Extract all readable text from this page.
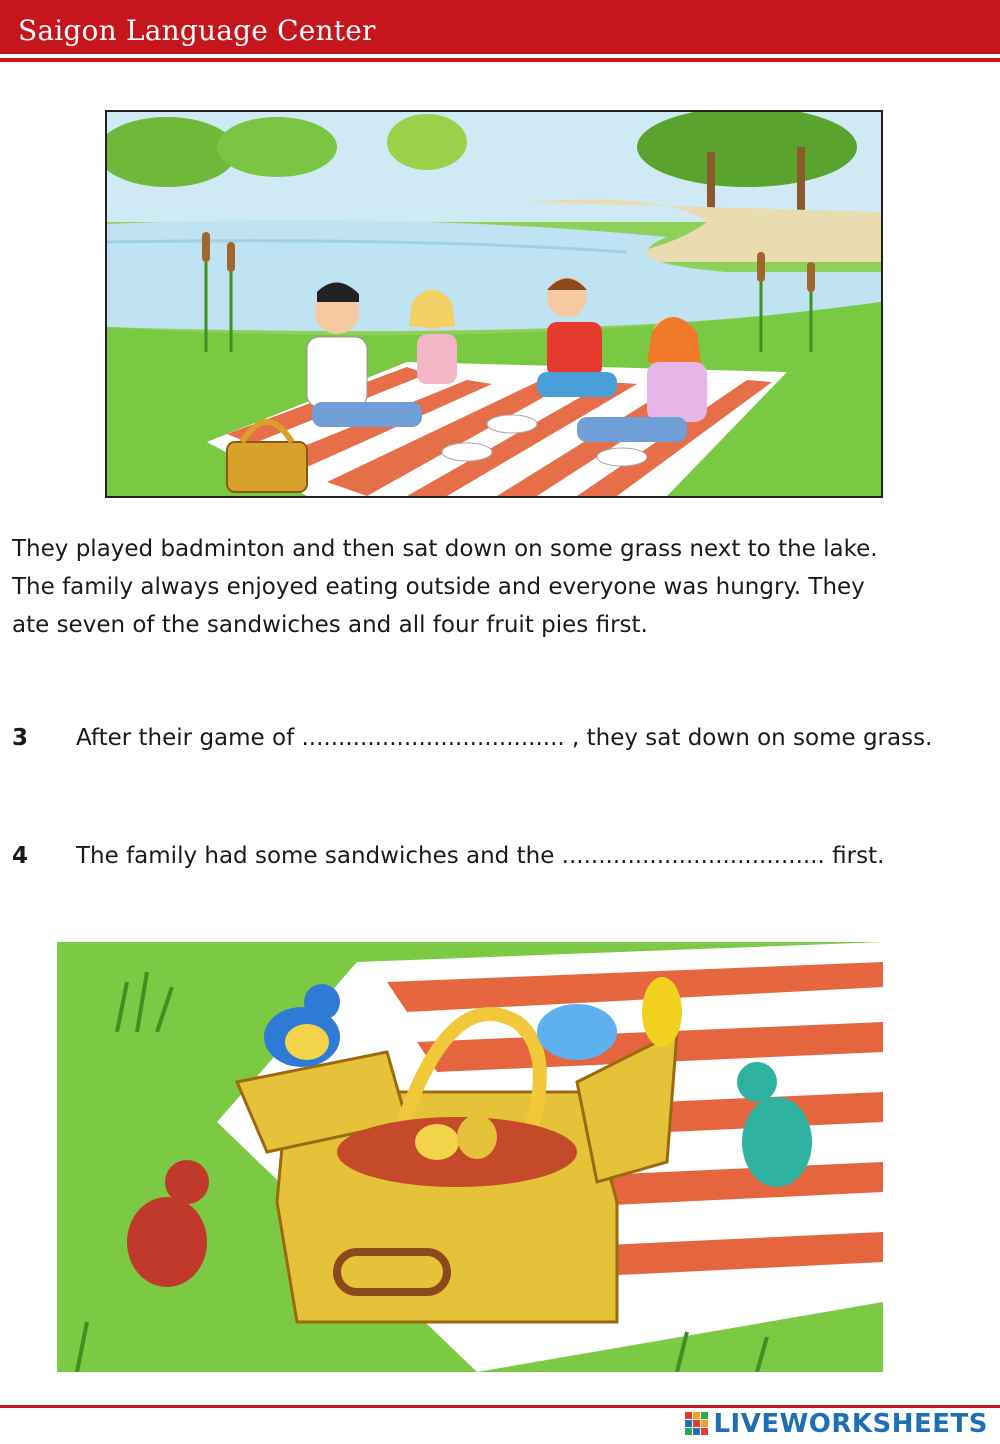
Saigon Language Center

They played badminton and then sat down on some grass next to the lake.

The family always enjoyed eating outside and everyone was hungry. They

ate seven of the sandwiches and all four fruit pies first.

3 After their game of .................................... , they sat down on some grass.
4 The family had some sandwiches and the .................................... first.
LIVEWORKSHEETS
